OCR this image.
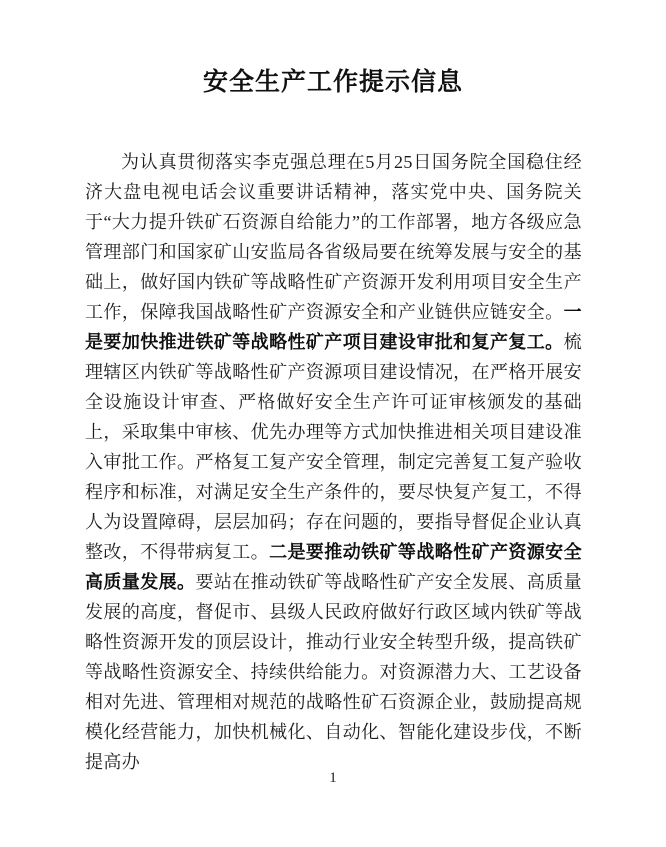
安全生产工作提示信息
为认真贯彻落实李克强总理在5月25日国务院全国稳住经济大盘电视电话会议重要讲话精神，落实党中央、国务院关于“大力提升铁矿石资源自给能力”的工作部署，地方各级应急管理部门和国家矿山安监局各省级局要在统筹发展与安全的基础上，做好国内铁矿等战略性矿产资源开发利用项目安全生产工作，保障我国战略性矿产资源安全和产业链供应链安全。一是要加快推进铁矿等战略性矿产项目建设审批和复产复工。梳理辖区内铁矿等战略性矿产资源项目建设情况，在严格开展安全设施设计审查、严格做好安全生产许可证审核颁发的基础上，采取集中审核、优先办理等方式加快推进相关项目建设准入审批工作。严格复工复产安全管理，制定完善复工复产验收程序和标准，对满足安全生产条件的，要尽快复产复工，不得人为设置障碍，层层加码；存在问题的，要指导督促企业认真整改，不得带病复工。二是要推动铁矿等战略性矿产资源安全高质量发展。要站在推动铁矿等战略性矿产安全发展、高质量发展的高度，督促市、县级人民政府做好行政区域内铁矿等战略性资源开发的顶层设计，推动行业安全转型升级，提高铁矿等战略性资源安全、持续供给能力。对资源潜力大、工艺设备相对先进、管理相对规范的战略性矿石资源企业，鼓励提高规模化经营能力，加快机械化、自动化、智能化建设步伐，不断提高办
1
